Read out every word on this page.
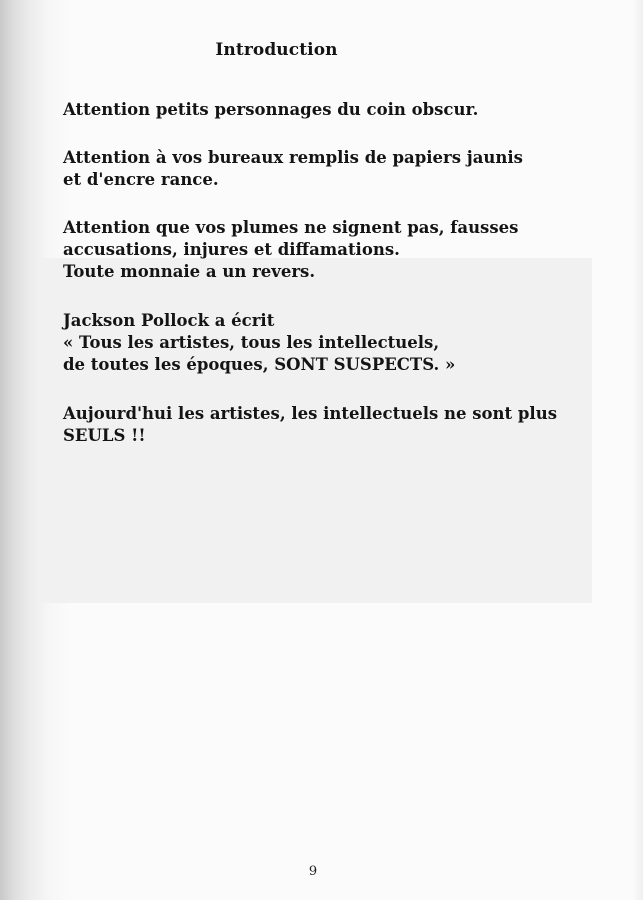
Introduction

Attention petits personnages du coin obscur.

Attention à vos bureaux remplis de papiers jaunis
et d'encre rance.

Attention que vos plumes ne signent pas, fausses
accusations, injures et diffamations.
Toute monnaie a un revers.

Jackson Pollock a écrit
« Tous les artistes, tous les intellectuels,
de toutes les époques, SONT SUSPECTS. »

Aujourd'hui les artistes, les intellectuels ne sont plus
SEULS !!

9
